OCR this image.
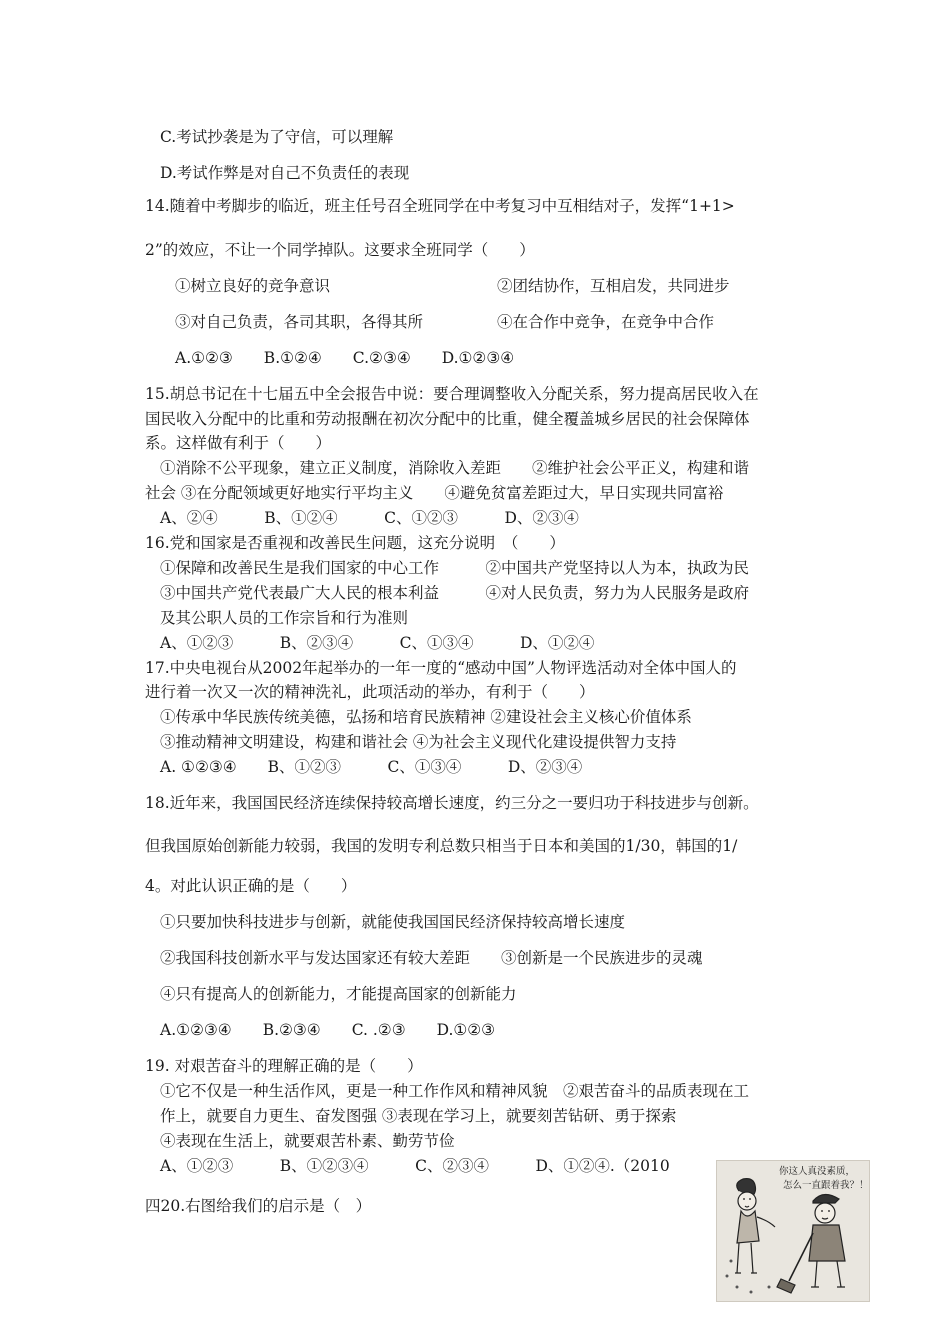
C.考试抄袭是为了守信，可以理解
D.考试作弊是对自己不负责任的表现
14.随着中考脚步的临近，班主任号召全班同学在中考复习中互相结对子，发挥“1+1>
2”的效应，不让一个同学掉队。这要求全班同学（　　）
①树立良好的竞争意识	②团结协作，互相启发，共同进步
③对自己负责，各司其职，各得其所	④在合作中竞争，在竞争中合作
A.①②③　　B.①②④　　C.②③④　　D.①②③④
15.胡总书记在十七届五中全会报告中说：要合理调整收入分配关系，努力提高居民收入在
国民收入分配中的比重和劳动报酬在初次分配中的比重，健全覆盖城乡居民的社会保障体
系。这样做有利于（　　）
①消除不公平现象，建立正义制度，消除收入差距　　②维护社会公平正义，构建和谐
社会 ③在分配领域更好地实行平均主义　　④避免贫富差距过大，早日实现共同富裕
A、②④　　　B、①②④　　　C、①②③　　　D、②③④
16.党和国家是否重视和改善民生问题，这充分说明　（　　）
①保障和改善民生是我们国家的中心工作　　　②中国共产党坚持以人为本，执政为民
③中国共产党代表最广大人民的根本利益　　　④对人民负责，努力为人民服务是政府
及其公职人员的工作宗旨和行为准则
A、①②③　　　B、②③④　　　C、①③④　　　D、①②④
17.中央电视台从2002年起举办的一年一度的“感动中国”人物评选活动对全体中国人的
进行着一次又一次的精神洗礼，此项活动的举办，有利于（　　）
①传承中华民族传统美德，弘扬和培育民族精神 ②建设社会主义核心价值体系
③推动精神文明建设，构建和谐社会 ④为社会主义现代化建设提供智力支持
A. ①②③④　　B、①②③　　　C、①③④　　　D、②③④
18.近年来，我国国民经济连续保持较高增长速度，约三分之一要归功于科技进步与创新。
但我国原始创新能力较弱，我国的发明专利总数只相当于日本和美国的1/30，韩国的1/
4。对此认识正确的是（　　）
①只要加快科技进步与创新，就能使我国国民经济保持较高增长速度
②我国科技创新水平与发达国家还有较大差距　　③创新是一个民族进步的灵魂
④只有提高人的创新能力，才能提高国家的创新能力
A.①②③④　　B.②③④　　C. .②③　　D.①②③
19. 对艰苦奋斗的理解正确的是（　　）
①它不仅是一种生活作风，更是一种工作作风和精神风貌　②艰苦奋斗的品质表现在工
作上，就要自力更生、奋发图强 ③表现在学习上，就要刻苦钻研、勇于探索
④表现在生活上，就要艰苦朴素、勤劳节俭
A、①②③　　　B、①②③④　　　C、②③④　　　D、①②④.（2010
四20.右图给我们的启示是（　）
你这人真没素质，
怎么一直跟着我？！
